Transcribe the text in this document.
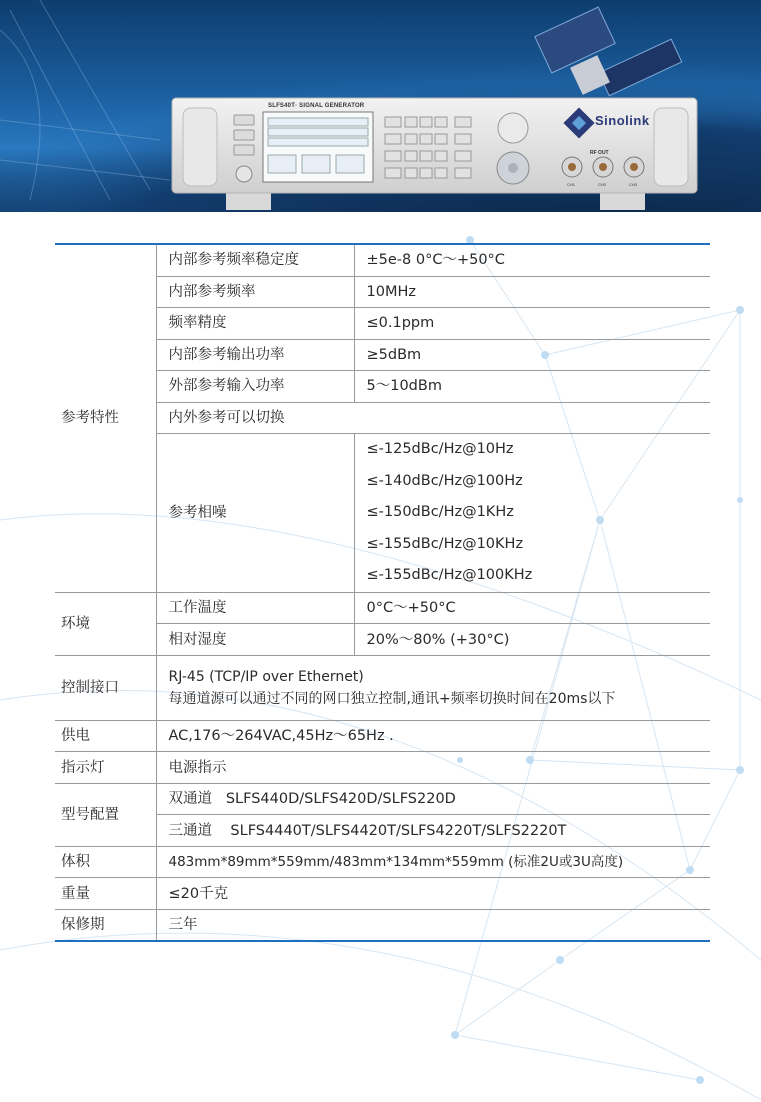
SLFS40T· SIGNAL GENERATOR
Sinolink
RF OUT
CH1	CH2	CH3
参考特性	内部参考频率稳定度	±5e-8 0°C～+50°C
	内部参考频率	10MHz
	频率精度	≤0.1ppm
	内部参考输出功率	≥5dBm
	外部参考输入功率	5～10dBm
	内外参考可以切换	
	参考相噪	≤-125dBc/Hz@10Hz
≤-140dBc/Hz@100Hz
≤-150dBc/Hz@1KHz
≤-155dBc/Hz@10KHz
≤-155dBc/Hz@100KHz

环境	工作温度	0°C～+50°C
	相对湿度	20%～80% (+30°C)
控制接口	RJ-45 (TCP/IP over Ethernet)
每通道源可以通过不同的网口独立控制,通讯+频率切换时间在20ms以下	

供电	AC,176～264VAC,45Hz～65Hz .	
指示灯	电源指示	
型号配置	双通道   SLFS440D/SLFS420D/SLFS220D	
	三通道    SLFS4440T/SLFS4420T/SLFS4220T/SLFS2220T	
体积	483mm*89mm*559mm/483mm*134mm*559mm (标准2U或3U高度)	
重量	≤20千克	
保修期	三年	
